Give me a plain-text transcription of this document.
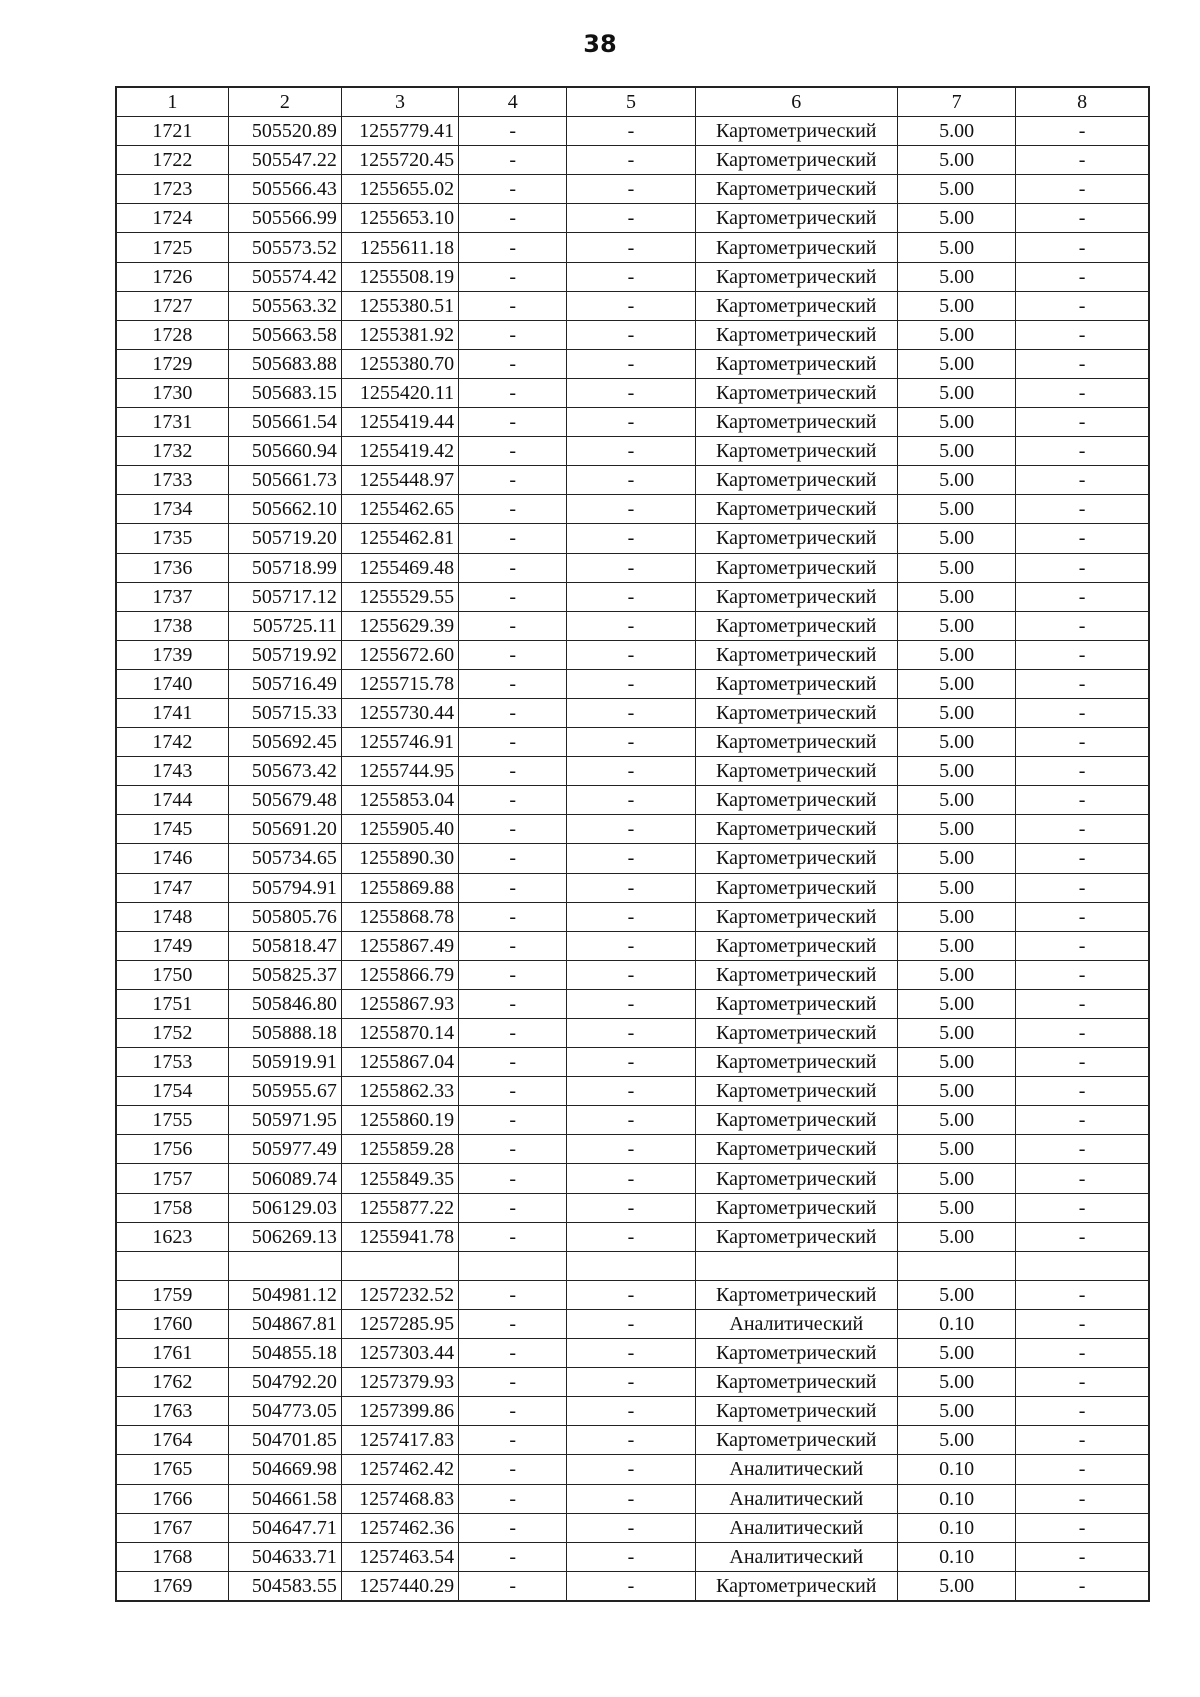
38
1	2	3	4	5	6	7	8
1721	505520.89	1255779.41	-	-	Картометрический	5.00	-
1722	505547.22	1255720.45	-	-	Картометрический	5.00	-
1723	505566.43	1255655.02	-	-	Картометрический	5.00	-
1724	505566.99	1255653.10	-	-	Картометрический	5.00	-
1725	505573.52	1255611.18	-	-	Картометрический	5.00	-
1726	505574.42	1255508.19	-	-	Картометрический	5.00	-
1727	505563.32	1255380.51	-	-	Картометрический	5.00	-
1728	505663.58	1255381.92	-	-	Картометрический	5.00	-
1729	505683.88	1255380.70	-	-	Картометрический	5.00	-
1730	505683.15	1255420.11	-	-	Картометрический	5.00	-
1731	505661.54	1255419.44	-	-	Картометрический	5.00	-
1732	505660.94	1255419.42	-	-	Картометрический	5.00	-
1733	505661.73	1255448.97	-	-	Картометрический	5.00	-
1734	505662.10	1255462.65	-	-	Картометрический	5.00	-
1735	505719.20	1255462.81	-	-	Картометрический	5.00	-
1736	505718.99	1255469.48	-	-	Картометрический	5.00	-
1737	505717.12	1255529.55	-	-	Картометрический	5.00	-
1738	505725.11	1255629.39	-	-	Картометрический	5.00	-
1739	505719.92	1255672.60	-	-	Картометрический	5.00	-
1740	505716.49	1255715.78	-	-	Картометрический	5.00	-
1741	505715.33	1255730.44	-	-	Картометрический	5.00	-
1742	505692.45	1255746.91	-	-	Картометрический	5.00	-
1743	505673.42	1255744.95	-	-	Картометрический	5.00	-
1744	505679.48	1255853.04	-	-	Картометрический	5.00	-
1745	505691.20	1255905.40	-	-	Картометрический	5.00	-
1746	505734.65	1255890.30	-	-	Картометрический	5.00	-
1747	505794.91	1255869.88	-	-	Картометрический	5.00	-
1748	505805.76	1255868.78	-	-	Картометрический	5.00	-
1749	505818.47	1255867.49	-	-	Картометрический	5.00	-
1750	505825.37	1255866.79	-	-	Картометрический	5.00	-
1751	505846.80	1255867.93	-	-	Картометрический	5.00	-
1752	505888.18	1255870.14	-	-	Картометрический	5.00	-
1753	505919.91	1255867.04	-	-	Картометрический	5.00	-
1754	505955.67	1255862.33	-	-	Картометрический	5.00	-
1755	505971.95	1255860.19	-	-	Картометрический	5.00	-
1756	505977.49	1255859.28	-	-	Картометрический	5.00	-
1757	506089.74	1255849.35	-	-	Картометрический	5.00	-
1758	506129.03	1255877.22	-	-	Картометрический	5.00	-
1623	506269.13	1255941.78	-	-	Картометрический	5.00	-

1759	504981.12	1257232.52	-	-	Картометрический	5.00	-
1760	504867.81	1257285.95	-	-	Аналитический	0.10	-
1761	504855.18	1257303.44	-	-	Картометрический	5.00	-
1762	504792.20	1257379.93	-	-	Картометрический	5.00	-
1763	504773.05	1257399.86	-	-	Картометрический	5.00	-
1764	504701.85	1257417.83	-	-	Картометрический	5.00	-
1765	504669.98	1257462.42	-	-	Аналитический	0.10	-
1766	504661.58	1257468.83	-	-	Аналитический	0.10	-
1767	504647.71	1257462.36	-	-	Аналитический	0.10	-
1768	504633.71	1257463.54	-	-	Аналитический	0.10	-
1769	504583.55	1257440.29	-	-	Картометрический	5.00	-
